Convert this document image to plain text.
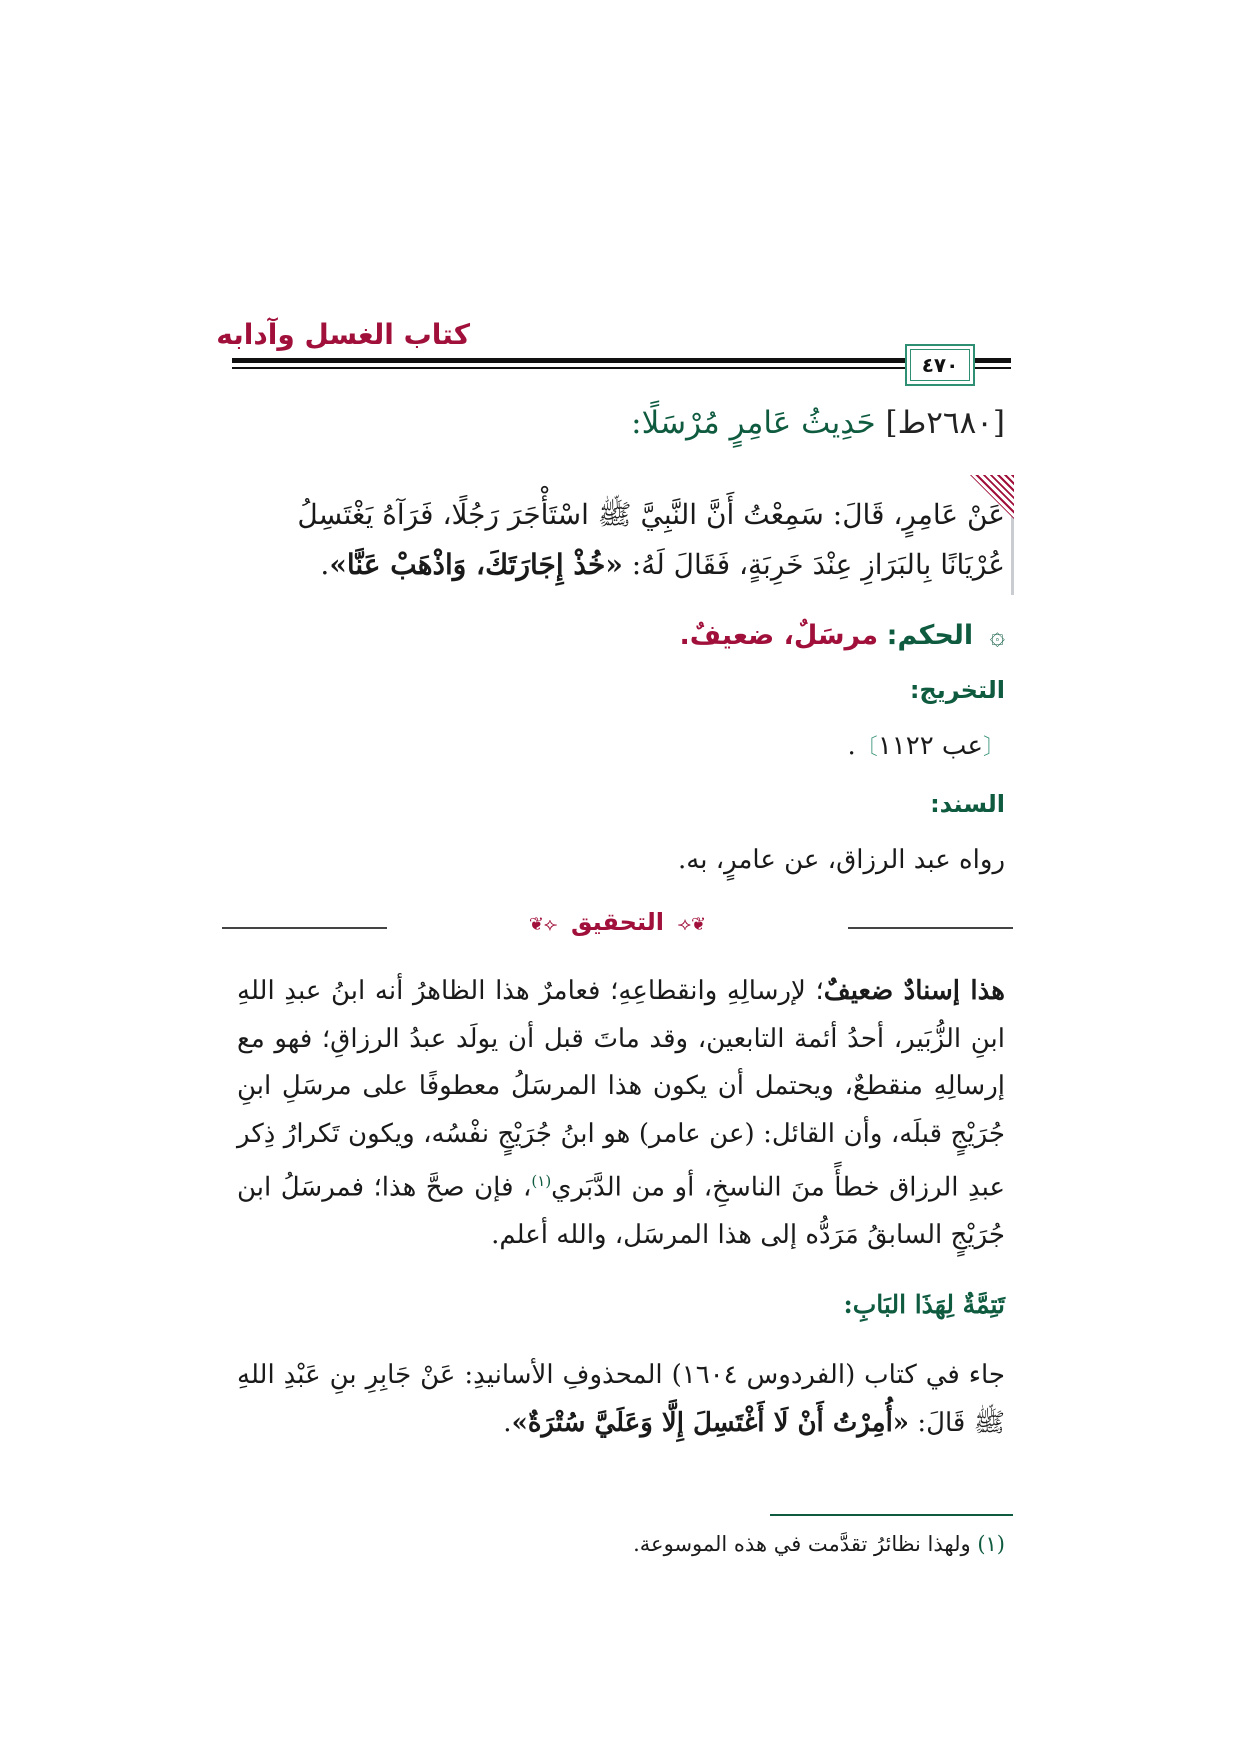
كتاب الغسل وآدابه
٤٧٠
[٢٦٨٠ط] حَدِيثُ عَامِرٍ مُرْسَلًا:
عَنْ عَامِرٍ، قَالَ: سَمِعْتُ أَنَّ النَّبِيَّ ﷺ اسْتَأْجَرَ رَجُلًا، فَرَآهُ يَغْتَسِلُ عُرْيَانًا بِالبَرَازِ عِنْدَ خَرِبَةٍ، فَقَالَ لَهُ: «خُذْ إِجَارَتَكَ، وَاذْهَبْ عَنَّا».
۞ الحكم: مرسَلٌ، ضعيفٌ.
التخريج:
〔عب ١١٢٢〕.
السند:
رواه عبد الرزاق، عن عامرٍ، به.
❦⟣ التحقيق ⟢❦
هذا إسنادٌ ضعيفٌ؛ لإرسالِهِ وانقطاعِهِ؛ فعامرٌ هذا الظاهرُ أنه ابنُ عبدِ اللهِ ابنِ الزُّبَير، أحدُ أئمة التابعين، وقد ماتَ قبل أن يولَد عبدُ الرزاقِ؛ فهو مع إرسالِهِ منقطعٌ، ويحتمل أن يكون هذا المرسَلُ معطوفًا على مرسَلِ ابنِ جُرَيْجٍ قبلَه، وأن القائل: (عن عامر) هو ابنُ جُرَيْجٍ نفْسُه، ويكون تَكرارُ ذِكر عبدِ الرزاق خطأً منَ الناسخِ، أو من الدَّبَري$^{(١)}$، فإن صحَّ هذا؛ فمرسَلُ ابن جُرَيْجٍ السابقُ مَرَدُّه إلى هذا المرسَل، والله أعلم.
تَتِمَّةٌ لِهَذَا البَابِ:
جاء في كتاب (الفردوس ١٦٠٤) المحذوفِ الأسانيدِ: عَنْ جَابِرِ بنِ عَبْدِ اللهِ ﷺ قَالَ: «أُمِرْتُ أَنْ لَا أَغْتَسِلَ إِلَّا وَعَلَيَّ سُتْرَةٌ».
(١) ولهذا نظائرُ تقدَّمت في هذه الموسوعة.
